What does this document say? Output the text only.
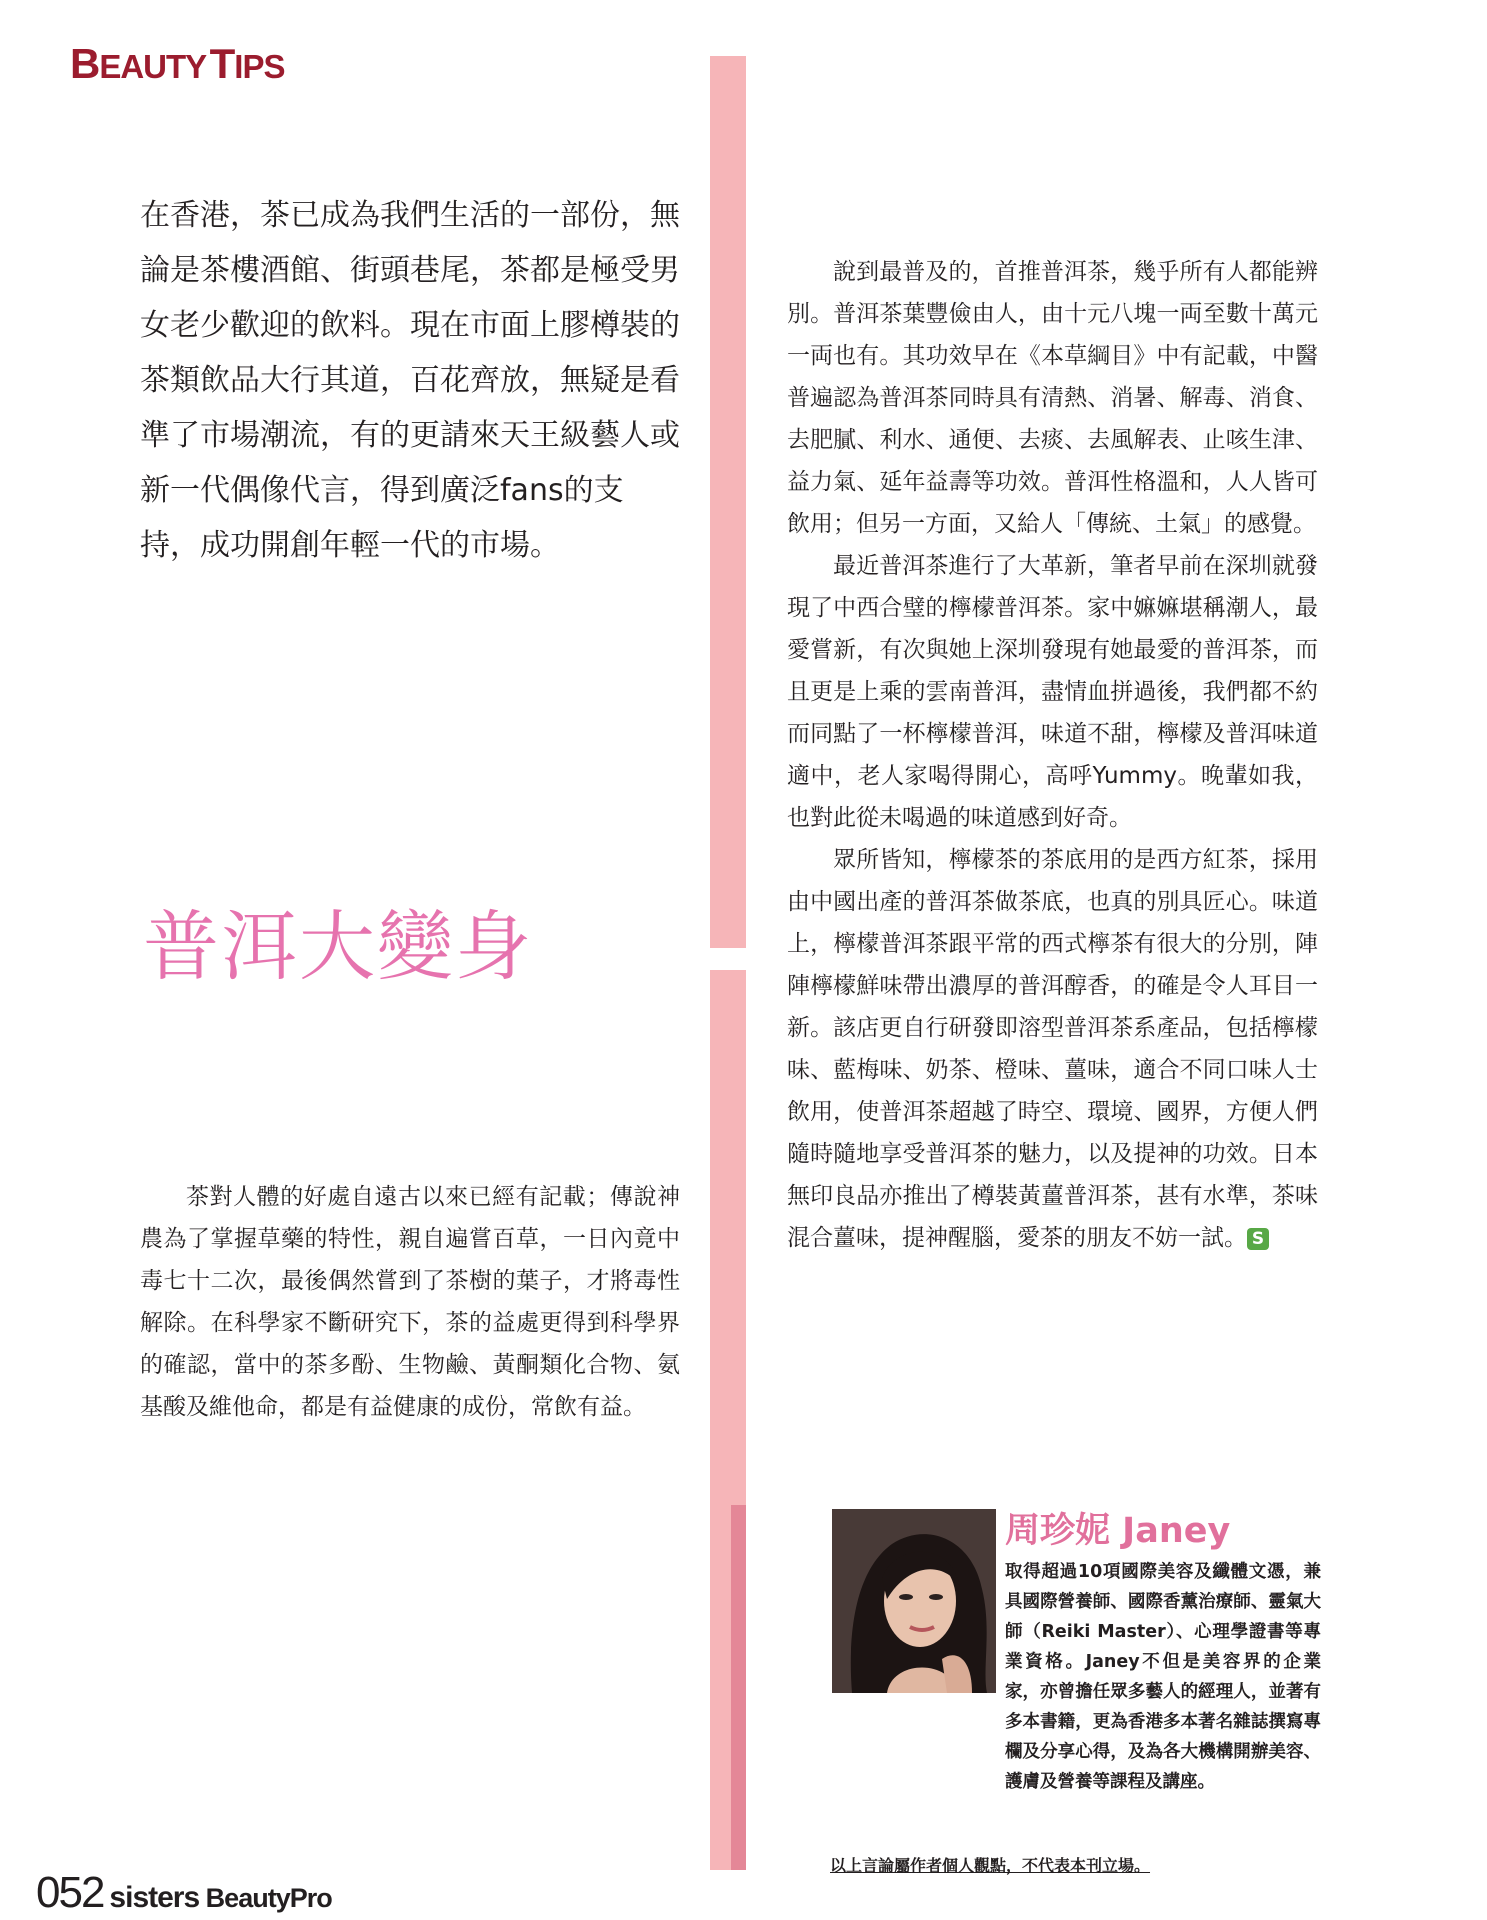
BEAUTY TIPS

在香港，茶已成為我們生活的一部份，無論是茶樓酒館、街頭巷尾，茶都是極受男女老少歡迎的飲料。現在市面上膠樽裝的茶類飲品大行其道，百花齊放，無疑是看準了市場潮流，有的更請來天王級藝人或新一代偶像代言，得到廣泛fans的支持，成功開創年輕一代的市場。

普洱大變身

茶對人體的好處自遠古以來已經有記載；傳說神農為了掌握草藥的特性，親自遍嘗百草，一日內竟中毒七十二次，最後偶然嘗到了茶樹的葉子，才將毒性解除。在科學家不斷研究下，茶的益處更得到科學界的確認，當中的茶多酚、生物鹼、黃酮類化合物、氨基酸及維他命，都是有益健康的成份，常飲有益。

說到最普及的，首推普洱茶，幾乎所有人都能辨別。普洱茶葉豐儉由人，由十元八塊一両至數十萬元一両也有。其功效早在《本草綱目》中有記載，中醫普遍認為普洱茶同時具有清熱、消暑、解毒、消食、去肥膩、利水、通便、去痰、去風解表、止咳生津、益力氣、延年益壽等功效。普洱性格溫和，人人皆可飲用；但另一方面，又給人「傳統、土氣」的感覺。

最近普洱茶進行了大革新，筆者早前在深圳就發現了中西合璧的檸檬普洱茶。家中嫲嫲堪稱潮人，最愛嘗新，有次與她上深圳發現有她最愛的普洱茶，而且更是上乘的雲南普洱，盡情血拼過後，我們都不約而同點了一杯檸檬普洱，味道不甜，檸檬及普洱味道適中，老人家喝得開心，高呼Yummy。晚輩如我，也對此從未喝過的味道感到好奇。

眾所皆知，檸檬茶的茶底用的是西方紅茶，採用由中國出產的普洱茶做茶底，也真的別具匠心。味道上，檸檬普洱茶跟平常的西式檸茶有很大的分別，陣陣檸檬鮮味帶出濃厚的普洱醇香，的確是令人耳目一新。該店更自行研發即溶型普洱茶系產品，包括檸檬味、藍梅味、奶茶、橙味、薑味，適合不同口味人士飲用，使普洱茶超越了時空、環境、國界，方便人們隨時隨地享受普洱茶的魅力，以及提神的功效。日本無印良品亦推出了樽裝黃薑普洱茶，甚有水準，茶味混合薑味，提神醒腦，愛茶的朋友不妨一試。 S

周珍妮 Janey
取得超過10項國際美容及纖體文憑，兼具國際營養師、國際香薰治療師、靈氣大師（Reiki Master）、心理學證書等專業資格。Janey不但是美容界的企業家，亦曾擔任眾多藝人的經理人，並著有多本書籍，更為香港多本著名雜誌撰寫專欄及分享心得，及為各大機構開辦美容、護膚及營養等課程及講座。
以上言論屬作者個人觀點，不代表本刊立場。
052 sisters BeautyPro
